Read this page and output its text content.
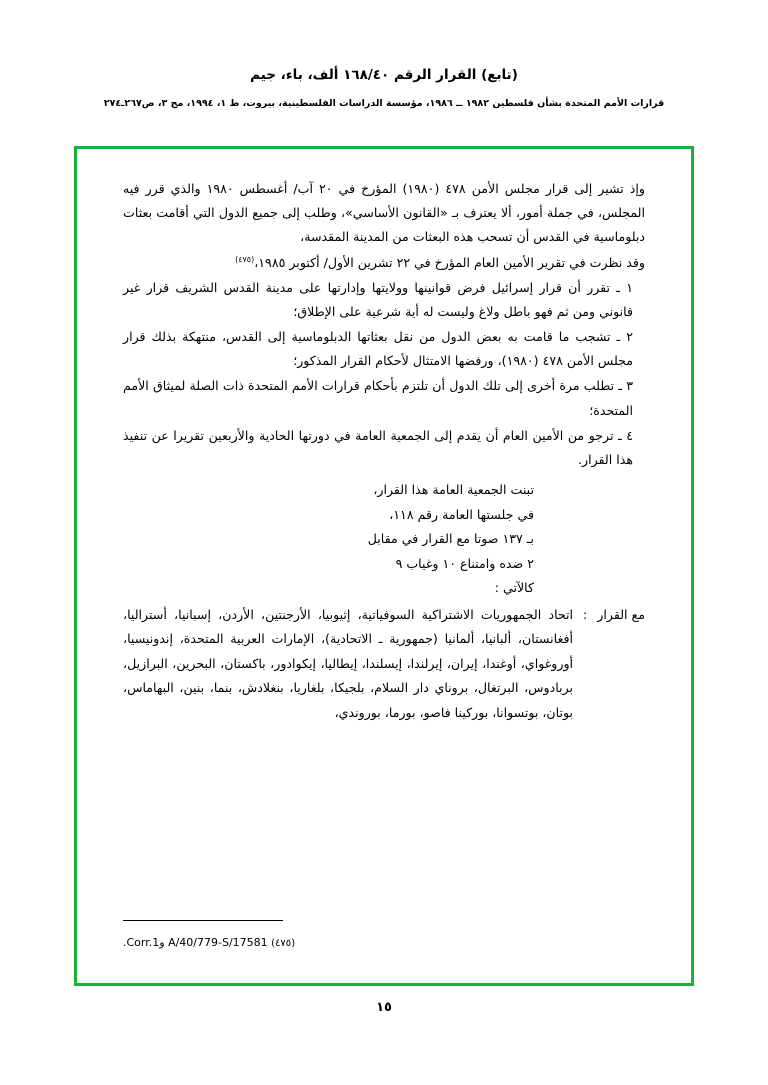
(تابع) القرار الرقم ١٦٨/٤٠ ألف، باء، جيم
قرارات الأمم المتحدة بشأن فلسطين ١٩٨٢ ــ ١٩٨٦، مؤسسة الدراسات الفلسطينية، بيروت، ط ١، ١٩٩٤، مج ٣، ص٢٦٧ـ٢٧٤

وإذ تشير إلى قرار مجلس الأمن ٤٧٨ (١٩٨٠) المؤرخ في ٢٠ آب/ أغسطس ١٩٨٠ والذي قرر فيه المجلس، في جملة أمور، ألا يعترف بـ «القانون الأساسي»، وطلب إلى جميع الدول التي أقامت بعثات دبلوماسية في القدس أن تسحب هذه البعثات من المدينة المقدسة،

وقد نظرت في تقرير الأمين العام المؤرخ في ٢٢ تشرين الأول/ أكتوبر ١٩٨٥،$^{(٤٧٥)}$

١ ـ تقرر أن قرار إسرائيل فرض قوانينها وولايتها وإدارتها على مدينة القدس الشريف قرار غير قانوني ومن ثم فهو باطل ولاغ وليست له أية شرعية على الإطلاق؛

٢ ـ تشجب ما قامت به بعض الدول من نقل بعثاتها الدبلوماسية إلى القدس، منتهكة بذلك قرار مجلس الأمن ٤٧٨ (١٩٨٠)، ورفضها الامتثال لأحكام القرار المذكور؛

٣ ـ تطلب مرة أخرى إلى تلك الدول أن تلتزم بأحكام قرارات الأمم المتحدة ذات الصلة لميثاق الأمم المتحدة؛

٤ ـ ترجو من الأمين العام أن يقدم إلى الجمعية العامة في دورتها الحادية والأربعين تقريرا عن تنفيذ هذا القرار.

تبنت الجمعية العامة هذا القرار،
في جلستها العامة رقم ١١٨،
بـ ١٣٧ صوتا مع القرار في مقابل
٢ ضده وامتناع ١٠ وغياب ٩
كالآتي :
مع القرار
:
اتحاد الجمهوريات الاشتراكية السوفياتية، إثيوبيا، الأرجنتين، الأردن، إسبانيا، أستراليا، أفغانستان، ألبانيا، ألمانيا (جمهورية ـ الاتحادية)، الإمارات العربية المتحدة، إندونيسيا، أوروغواي، أوغندا، إيران، إيرلندا، إيسلندا، إيطاليا، إيكوادور، باكستان، البحرين، البرازيل، بربادوس، البرتغال، بروناي دار السلام، بلجيكا، بلغاريا، بنغلادش، بنما، بنين، البهاماس، بوتان، بوتسوانا، بوركينا فاصو، بورما، بوروندي،
(٤٧٥) A/40/779-S/17581 وCorr.1.
١٥
